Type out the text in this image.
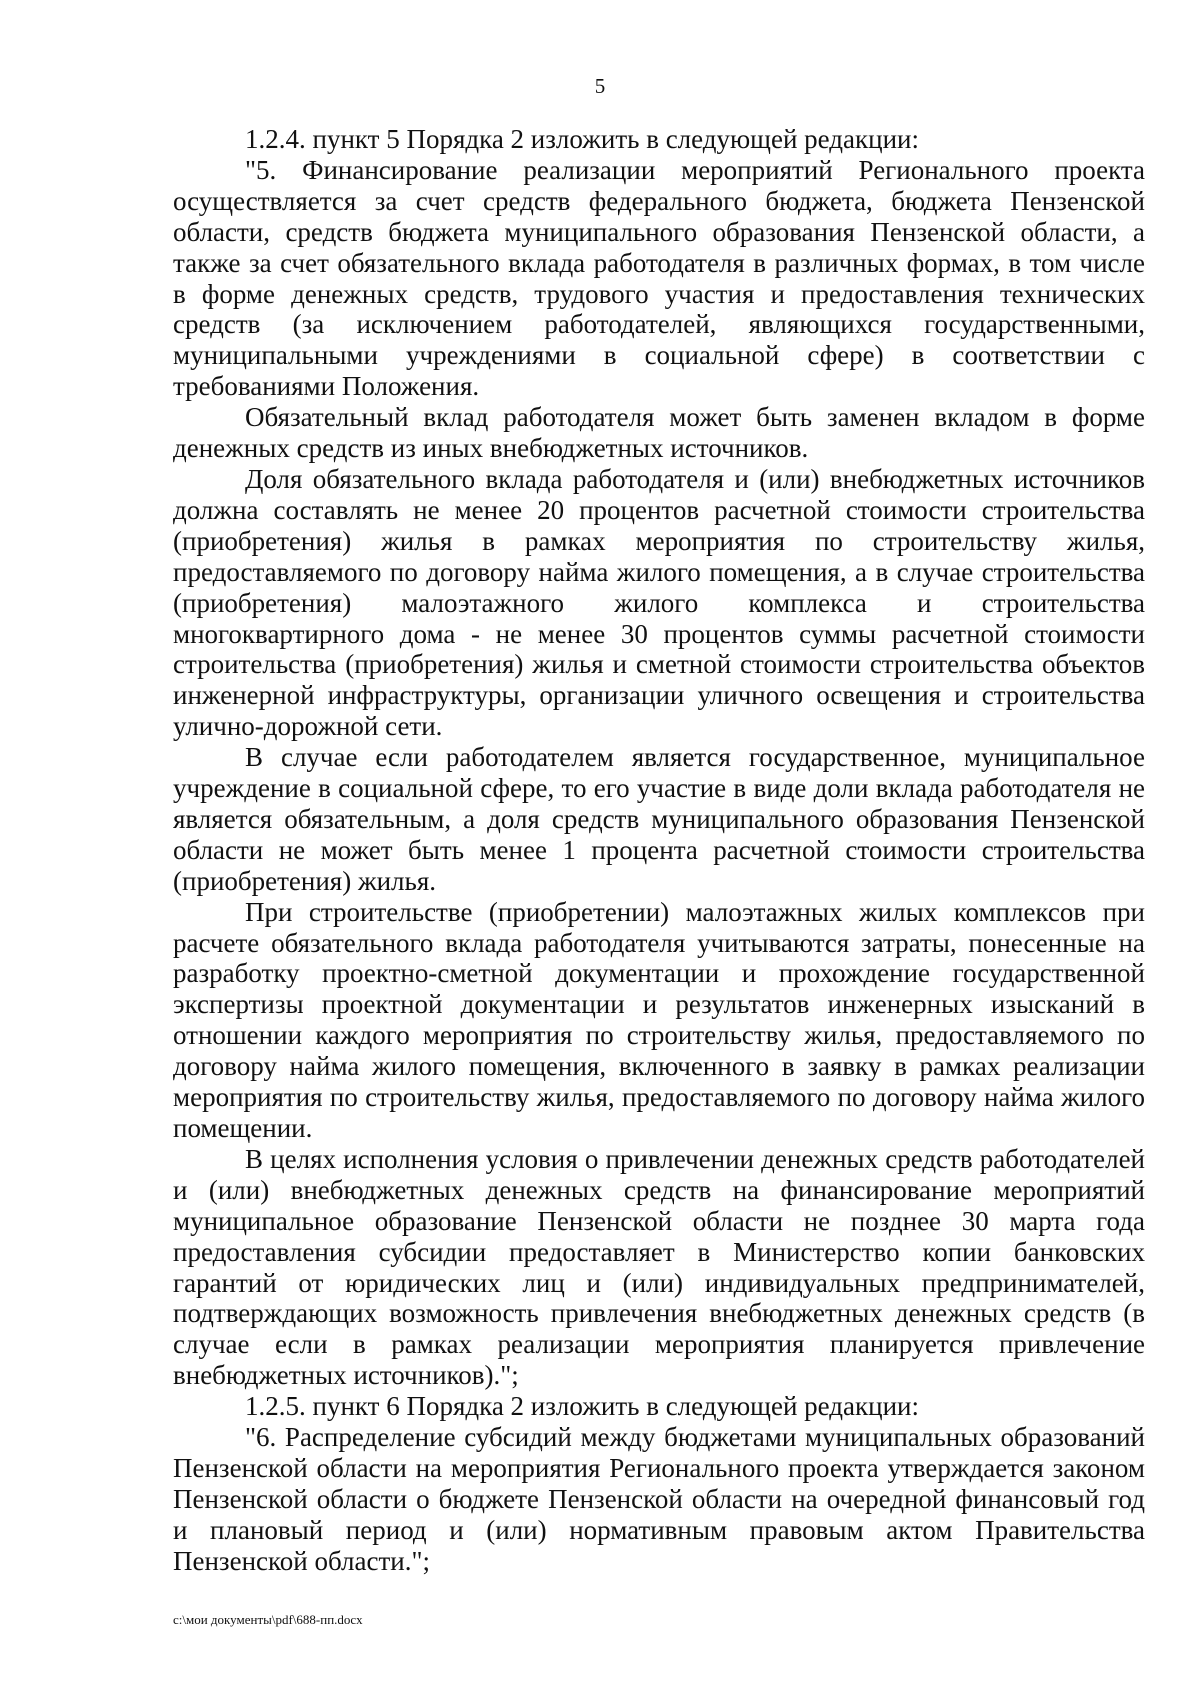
5

1.2.4. пункт 5 Порядка 2 изложить в следующей редакции:

"5. Финансирование реализации мероприятий Регионального проекта осуществляется за счет средств федерального бюджета, бюджета Пензенской области, средств бюджета муниципального образования Пензенской области, а также за счет обязательного вклада работодателя в различных формах, в том числе в форме денежных средств, трудового участия и предоставления технических средств (за исключением работодателей, являющихся государственными, муниципальными учреждениями в социальной сфере) в соответствии с требованиями Положения.

Обязательный вклад работодателя может быть заменен вкладом в форме денежных средств из иных внебюджетных источников.

Доля обязательного вклада работодателя и (или) внебюджетных источников должна составлять не менее 20 процентов расчетной стоимости строительства (приобретения) жилья в рамках мероприятия по строительству жилья, предоставляемого по договору найма жилого помещения, а в случае строительства (приобретения) малоэтажного жилого комплекса и строительства многоквартирного дома - не менее 30 процентов суммы расчетной стоимости строительства (приобретения) жилья и сметной стоимости строительства объектов инженерной инфраструктуры, организации уличного освещения и строительства улично-дорожной сети.

В случае если работодателем является государственное, муниципальное учреждение в социальной сфере, то его участие в виде доли вклада работодателя не является обязательным, а доля средств муниципального образования Пензенской области не может быть менее 1 процента расчетной стоимости строительства (приобретения) жилья.

При строительстве (приобретении) малоэтажных жилых комплексов при расчете обязательного вклада работодателя учитываются затраты, понесенные на разработку проектно-сметной документации и прохождение государственной экспертизы проектной документации и результатов инженерных изысканий в отношении каждого мероприятия по строительству жилья, предоставляемого по договору найма жилого помещения, включенного в заявку в рамках реализации мероприятия по строительству жилья, предоставляемого по договору найма жилого помещении.

В целях исполнения условия о привлечении денежных средств работодателей и (или) внебюджетных денежных средств на финансирование мероприятий муниципальное образование Пензенской области не позднее 30 марта года предоставления субсидии предоставляет в Министерство копии банковских гарантий от юридических лиц и (или) индивидуальных предпринимателей, подтверждающих возможность привлечения внебюджетных денежных средств (в случае если в рамках реализации мероприятия планируется привлечение внебюджетных источников).";

1.2.5. пункт 6 Порядка 2 изложить в следующей редакции:

"6. Распределение субсидий между бюджетами муниципальных образований Пензенской области на мероприятия Регионального проекта утверждается законом Пензенской области о бюджете Пензенской области на очередной финансовый год и плановый период и (или) нормативным правовым актом Правительства Пензенской области.";

c:\мои документы\pdf\688-пп.docx
